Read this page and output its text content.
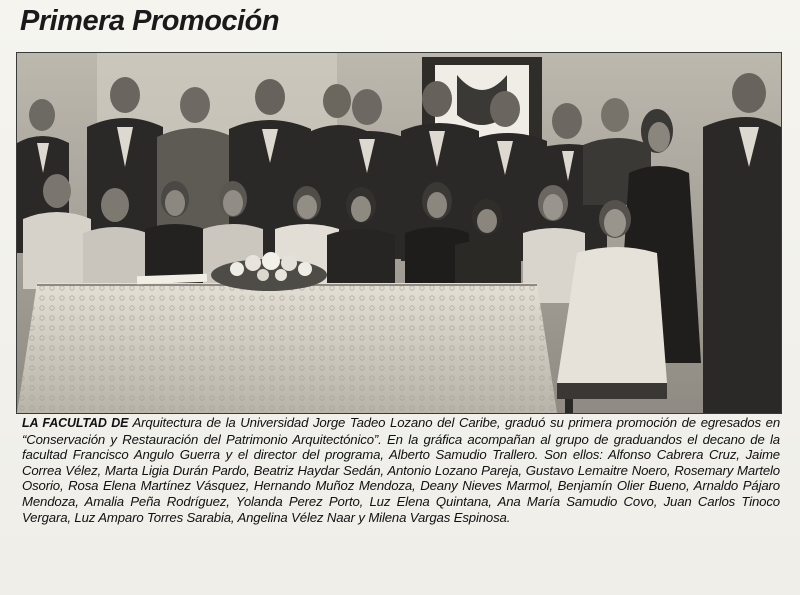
Primera Promoción

LA FACULTAD DE Arquitectura de la Universidad Jorge Tadeo Lozano del Caribe, graduó su primera promoción de egresados en “Conservación y Restauración del Patrimonio Arquitectónico”. En la gráfica acompañan al grupo de graduandos el decano de la facultad Francisco Angulo Guerra y el director del programa, Alberto Samudio Trallero. Son ellos: Alfonso Cabrera Cruz, Jaime Correa Vélez, Marta Ligia Durán Pardo, Beatriz Haydar Sedán, Antonio Lozano Pareja, Gustavo Lemaitre Noero, Rosemary Martelo Osorio, Rosa Elena Martínez Vásquez, Hernando Muñoz Mendoza, Deany Nieves Marmol, Benjamín Olier Bueno, Arnaldo Pájaro Mendoza, Amalia Peña Rodríguez, Yolanda Perez Porto, Luz Elena Quintana, Ana María Samudio Covo, Juan Carlos Tinoco Vergara, Luz Amparo Torres Sarabia, Angelina Vélez Naar y Milena Vargas Espinosa.
